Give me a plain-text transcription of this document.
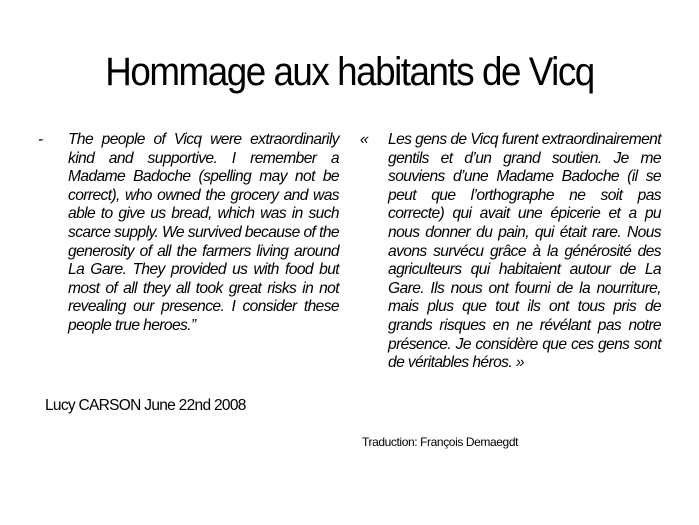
Hommage aux habitants de Vicq

- The people of Vicq were extraordinarily kind and supportive. I remember a Madame Badoche (spelling may not be correct), who owned the grocery and was able to give us bread, which was in such scarce supply. We survived because of the generosity of all the farmers living around La Gare. They provided us with food but most of all they all took great risks in not revealing our presence. I consider these people true heroes.”

Lucy CARSON June 22nd 2008

« Les gens de Vicq furent extraordinairement gentils et d’un grand soutien. Je me souviens d’une Madame Badoche (il se peut que l’orthographe ne soit pas correcte) qui avait une épicerie et a pu nous donner du pain, qui était rare. Nous avons survécu grâce à la générosité des agriculteurs qui habitaient autour de La Gare. Ils nous ont fourni de la nourriture, mais plus que tout ils ont tous pris de grands risques en ne révélant pas notre présence. Je considère que ces gens sont de véritables héros. »

Traduction: François Demaegdt
